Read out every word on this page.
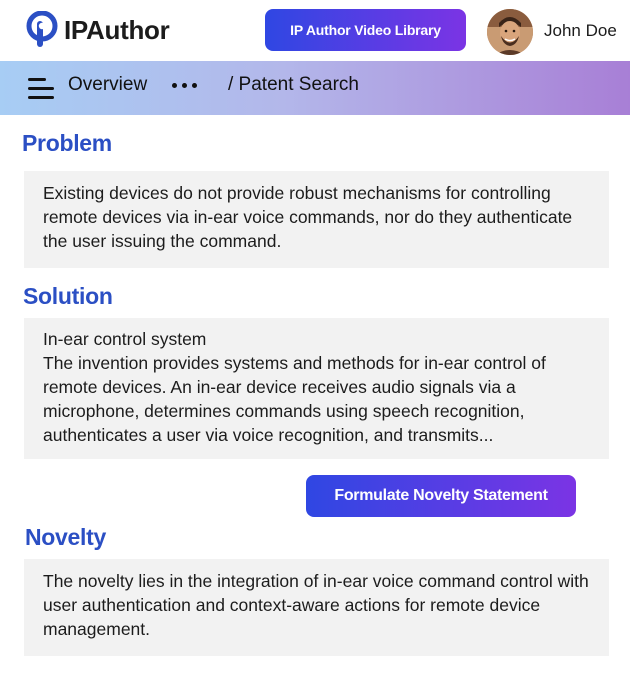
IPAuthor	IP Author Video Library	John Doe
Overview	/ Patent Search
Problem
Existing devices do not provide robust mechanisms for controlling remote devices via in-ear voice commands, nor do they authenticate the user issuing the command.
Solution
In-ear control system
The invention provides systems and methods for in-ear control of remote devices. An in-ear device receives audio signals via a microphone, determines commands using speech recognition, authenticates a user via voice recognition, and transmits...
Formulate Novelty Statement
Novelty
The novelty lies in the integration of in-ear voice command control with user authentication and context-aware actions for remote device management.
